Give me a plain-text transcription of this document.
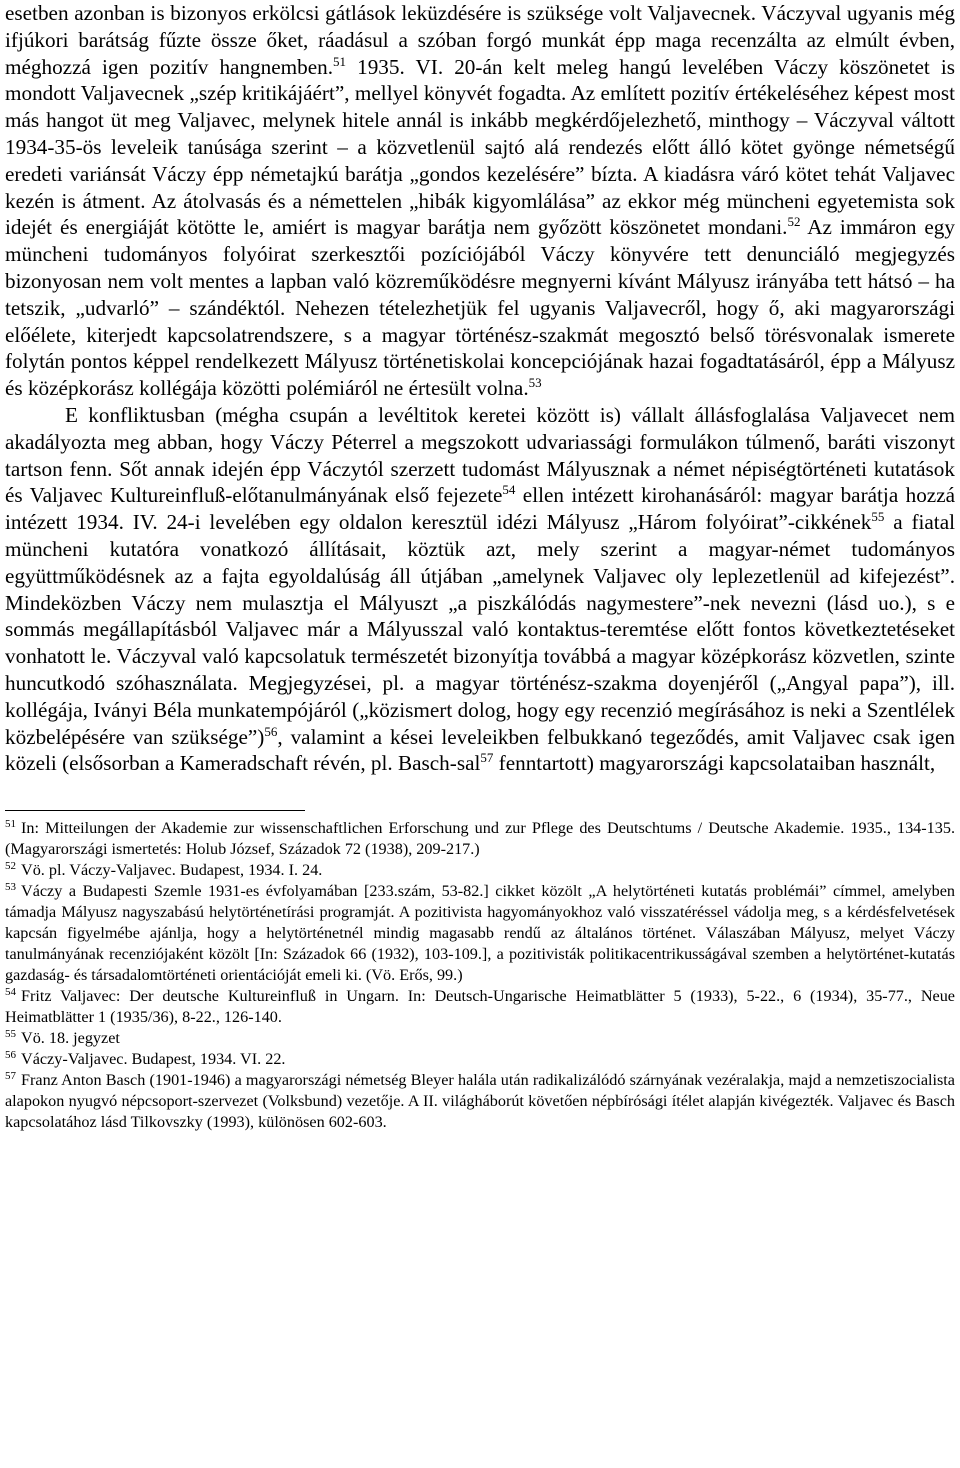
esetben azonban is bizonyos erkölcsi gátlások leküzdésére is szüksége volt Valjavecnek. Váczyval ugyanis még ifjúkori barátság fűzte össze őket, ráadásul a szóban forgó munkát épp maga recenzálta az elmúlt évben, méghozzá igen pozitív hangnemben.$^{51}$ 1935. VI. 20-án kelt meleg hangú levelében Váczy köszönetet is mondott Valjavecnek „szép kritikájáért”, mellyel könyvét fogadta. Az említett pozitív értékeléséhez képest most más hangot üt meg Valjavec, melynek hitele annál is inkább megkérdőjelezhető, minthogy – Váczyval váltott 1934-35-ös leveleik tanúsága szerint – a közvetlenül sajtó alá rendezés előtt álló kötet gyönge németségű eredeti variánsát Váczy épp németajkú barátja „gondos kezelésére” bízta. A kiadásra váró kötet tehát Valjavec kezén is átment. Az átolvasás és a némettelen „hibák kigyomlálása” az ekkor még müncheni egyetemista sok idejét és energiáját kötötte le, amiért is magyar barátja nem győzött köszönetet mondani.$^{52}$ Az immáron egy müncheni tudományos folyóirat szerkesztői pozíciójából Váczy könyvére tett denunciáló megjegyzés bizonyosan nem volt mentes a lapban való közreműködésre megnyerni kívánt Mályusz irányába tett hátsó – ha tetszik, „udvarló” – szándéktól. Nehezen tételezhetjük fel ugyanis Valjavecről, hogy ő, aki magyarországi előélete, kiterjedt kapcsolatrendszere, s a magyar történész-szakmát megosztó belső törésvonalak ismerete folytán pontos képpel rendelkezett Mályusz történetiskolai koncepciójának hazai fogadtatásáról, épp a Mályusz és középkorász kollégája közötti polémiáról ne értesült volna.$^{53}$

E konfliktusban (mégha csupán a levéltitok keretei között is) vállalt állásfoglalása Valjavecet nem akadályozta meg abban, hogy Váczy Péterrel a megszokott udvariassági formulákon túlmenő, baráti viszonyt tartson fenn. Sőt annak idején épp Váczytól szerzett tudomást Mályusznak a német népiségtörténeti kutatások és Valjavec Kultureinfluß-előtanulmányának első fejezete$^{54}$ ellen intézett kirohanásáról: magyar barátja hozzá intézett 1934. IV. 24-i levelében egy oldalon keresztül idézi Mályusz „Három folyóirat”-cikkének$^{55}$ a fiatal müncheni kutatóra vonatkozó állításait, köztük azt, mely szerint a magyar-német tudományos együttműködésnek az a fajta egyoldalúság áll útjában „amelynek Valjavec oly leplezetlenül ad kifejezést”. Mindeközben Váczy nem mulasztja el Mályuszt „a piszkálódás nagymestere”-nek nevezni (lásd uo.), s e sommás megállapításból Valjavec már a Mályusszal való kontaktus-teremtése előtt fontos következtetéseket vonhatott le. Váczyval való kapcsolatuk természetét bizonyítja továbbá a magyar középkorász közvetlen, szinte huncutkodó szóhasználata. Megjegyzései, pl. a magyar történész-szakma doyenjéről („Angyal papa”), ill. kollégája, Iványi Béla munkatempójáról („közismert dolog, hogy egy recenzió megírásához is neki a Szentlélek közbelépésére van szüksége”)$^{56}$, valamint a kései leveleikben felbukkanó tegeződés, amit Valjavec csak igen közeli (elsősorban a Kameradschaft révén, pl. Basch-sal$^{57}$ fenntartott) magyarországi kapcsolataiban használt,

$^{51}$ In: Mitteilungen der Akademie zur wissenschaftlichen Erforschung und zur Pflege des Deutschtums / Deutsche Akademie. 1935., 134-135. (Magyarországi ismertetés: Holub József, Századok 72 (1938), 209-217.)

$^{52}$ Vö. pl. Váczy-Valjavec. Budapest, 1934. I. 24.

$^{53}$ Váczy a Budapesti Szemle 1931-es évfolyamában [233.szám, 53-82.] cikket közölt „A helytörténeti kutatás problémái” címmel, amelyben támadja Mályusz nagyszabású helytörténetírási programját. A pozitivista hagyományokhoz való visszatéréssel vádolja meg, s a kérdésfelvetések kapcsán figyelmébe ajánlja, hogy a helytörténetnél mindig magasabb rendű az általános történet. Válaszában Mályusz, melyet Váczy tanulmányának recenziójaként közölt [In: Századok 66 (1932), 103-109.], a pozitivisták politikacentrikusságával szemben a helytörténet-kutatás gazdaság- és társadalomtörténeti orientációját emeli ki. (Vö. Erős, 99.)

$^{54}$ Fritz Valjavec: Der deutsche Kultureinfluß in Ungarn. In: Deutsch-Ungarische Heimatblätter 5 (1933), 5-22., 6 (1934), 35-77., Neue Heimatblätter 1 (1935/36), 8-22., 126-140.

$^{55}$ Vö. 18. jegyzet

$^{56}$ Váczy-Valjavec. Budapest, 1934. VI. 22.

$^{57}$ Franz Anton Basch (1901-1946) a magyarországi németség Bleyer halála után radikalizálódó szárnyának vezéralakja, majd a nemzetiszocialista alapokon nyugvó népcsoport-szervezet (Volksbund) vezetője. A II. világháborút követően népbírósági ítélet alapján kivégezték. Valjavec és Basch kapcsolatához lásd Tilkovszky (1993), különösen 602-603.
